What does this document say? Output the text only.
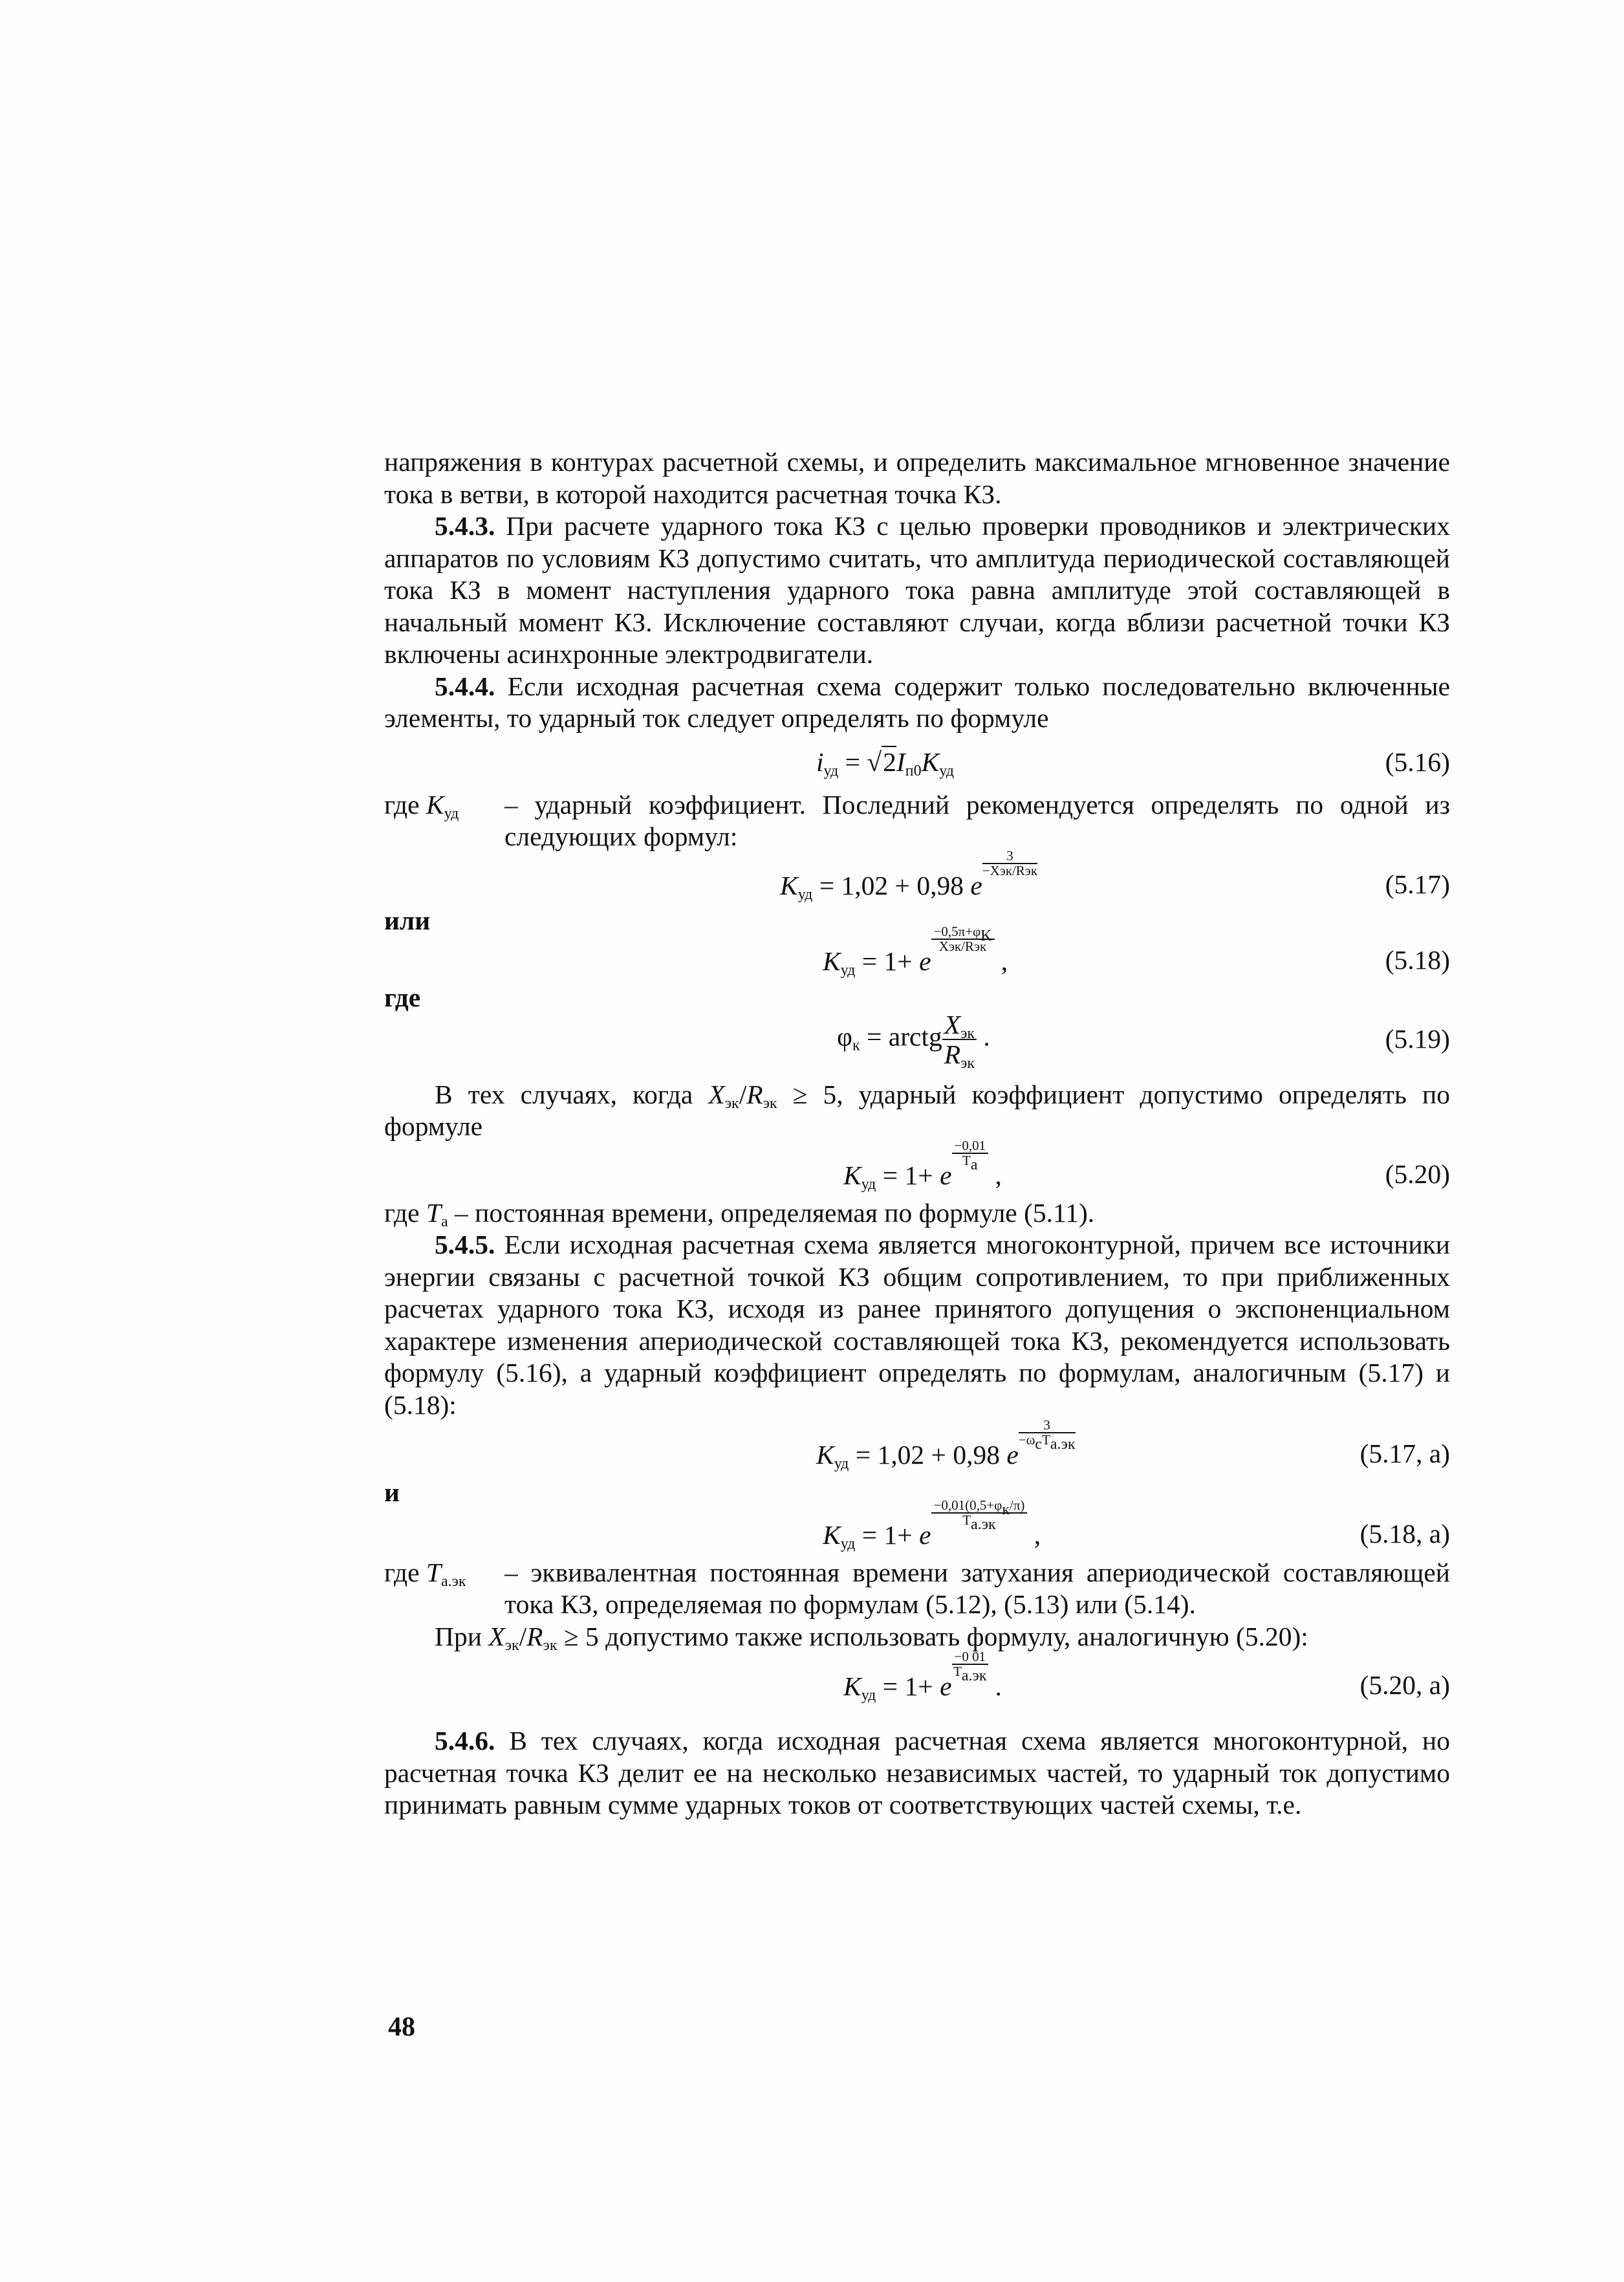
напряжения в контурах расчетной схемы, и определить максимальное мгновенное значение тока в ветви, в которой находится расчетная точка КЗ.

5.4.3. При расчете ударного тока КЗ с целью проверки проводников и электрических аппаратов по условиям КЗ допустимо считать, что амплитуда периодической составляющей тока КЗ в момент наступления ударного тока равна амплитуде этой составляющей в начальный момент КЗ. Исключение составляют случаи, когда вблизи расчетной точки КЗ включены асинхронные электродвигатели.

5.4.4. Если исходная расчетная схема содержит только последовательно включенные элементы, то ударный ток следует определять по формуле

$i_{уд} = √2I_{п0}K_{уд}$	(5.16)
где $K_{уд}$	– ударный коэффициент. Последний рекомендуется определять по одной из следующих формул:
$K_{уд} = 1,02 + 0,98$ e
3
−Xэк/Rэк	(5.17)

или

$K_{уд} = 1+ e$
$-0,5\pi+\varphi_K$
Xэк/Rэк ,	(5.18)

где

$\varphi_к$ = arctg $\frac{X_{эк}}{R_{эк}}$ .	(5.19)

В тех случаях, когда $X_{эк}/R_{эк} \ge 5$, ударный коэффициент допустимо определять по формуле

$K_{уд} = 1+ e$
−0,01
$T_а$ ,	(5.20)

где $T_а$ – постоянная времени, определяемая по формуле (5.11).

5.4.5. Если исходная расчетная схема является многоконтурной, причем все источники энергии связаны с расчетной точкой КЗ общим сопротивлением, то при приближенных расчетах ударного тока КЗ, исходя из ранее принятого допущения о экспоненциальном характере изменения апериодической составляющей тока КЗ, рекомендуется использовать формулу (5.16), а ударный коэффициент определять по формулам, аналогичным (5.17) и (5.18):

$K_{уд} = 1,02 + 0,98$ e
3
$-\omega_сT_{а.эк}$	(5.17, а)

и

$K_{уд} = 1+ e$
$-0,01(0,5+\varphi_к/\pi)$
$T_{а.эк}$	,	(5.18, а)
где $T_{а.эк}$	– эквивалентная постоянная времени затухания апериодической составляющей тока КЗ, определяемая по формулам (5.12), (5.13) или (5.14).

При $X_{эк}/R_{эк} \ge 5$ допустимо также использовать формулу, аналогичную (5.20):

$K_{уд} = 1+ e$
−0 01
$T_{а.эк}$ .	(5.20, а)

5.4.6. В тех случаях, когда исходная расчетная схема является многоконтурной, но расчетная точка КЗ делит ее на несколько независимых частей, то ударный ток допустимо принимать равным сумме ударных токов от соответствующих частей схемы, т.е.

48
